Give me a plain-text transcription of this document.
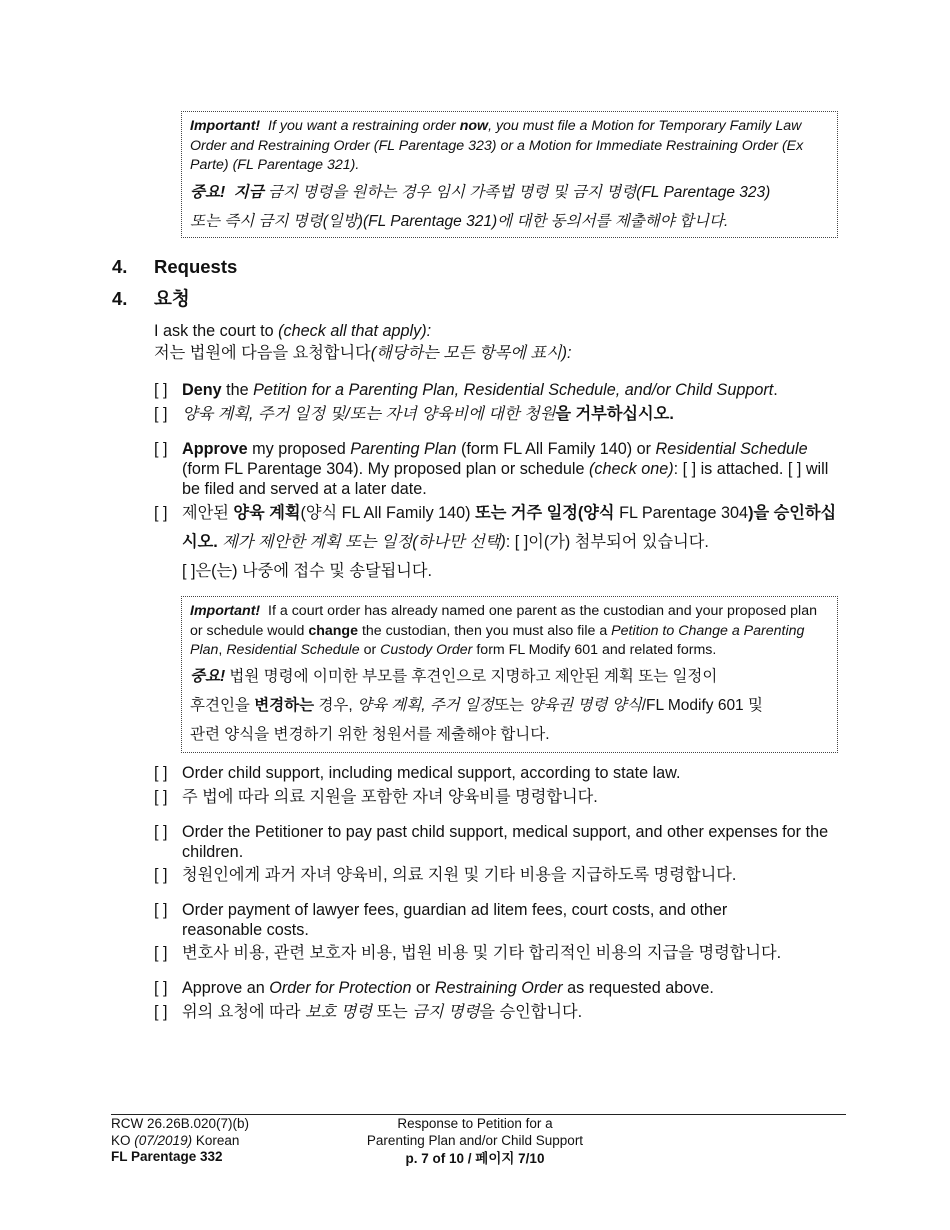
Important! If you want a restraining order now, you must file a Motion for Temporary Family Law Order and Restraining Order (FL Parentage 323) or a Motion for Immediate Restraining Order (Ex Parte) (FL Parentage 321).

중요! 지금 금지 명령을 원하는 경우 임시 가족법 명령 및 금지 명령(FL Parentage 323)
또는 즉시 금지 명령(일방)(FL Parentage 321)에 대한 동의서를 제출해야 합니다.

4. Requests
4. 요청
I ask the court to (check all that apply):
저는 법원에 다음을 요청합니다(해당하는 모든 항목에 표시):
[ ] Deny the Petition for a Parenting Plan, Residential Schedule, and/or Child Support.
[ ] 양육 계획, 주거 일정 및/또는 자녀 양육비에 대한 청원을 거부하십시오.
[ ] Approve my proposed Parenting Plan (form FL All Family 140) or Residential Schedule (form FL Parentage 304). My proposed plan or schedule (check one): [ ] is attached. [ ] will be filed and served at a later date.
[ ] 제안된 양육 계획(양식 FL All Family 140) 또는 거주 일정(양식 FL Parentage 304)을 승인하십시오. 제가 제안한 계획 또는 일정(하나만 선택): [ ]이(가) 첨부되어 있습니다.
[ ]은(는) 나중에 접수 및 송달됩니다.

Important! If a court order has already named one parent as the custodian and your proposed plan or schedule would change the custodian, then you must also file a Petition to Change a Parenting Plan, Residential Schedule or Custody Order form FL Modify 601 and related forms.

중요! 법원 명령에 이미한 부모를 후견인으로 지명하고 제안된 계획 또는 일정이
후견인을 변경하는 경우, 양육 계획, 주거 일정또는 양육권 명령 양식/FL Modify 601 및
관련 양식을 변경하기 위한 청원서를 제출해야 합니다.

[ ] Order child support, including medical support, according to state law.
[ ] 주 법에 따라 의료 지원을 포함한 자녀 양육비를 명령합니다.
[ ] Order the Petitioner to pay past child support, medical support, and other expenses for the children.
[ ] 청원인에게 과거 자녀 양육비, 의료 지원 및 기타 비용을 지급하도록 명령합니다.
[ ] Order payment of lawyer fees, guardian ad litem fees, court costs, and other reasonable costs.
[ ] 변호사 비용, 관련 보호자 비용, 법원 비용 및 기타 합리적인 비용의 지급을 명령합니다.
[ ] Approve an Order for Protection or Restraining Order as requested above.
[ ] 위의 요청에 따라 보호 명령 또는 금지 명령을 승인합니다.
RCW 26.26B.020(7)(b)
KO (07/2019) Korean
FL Parentage 332
Response to Petition for a
Parenting Plan and/or Child Support
p. 7 of 10 / 페이지 7/10
